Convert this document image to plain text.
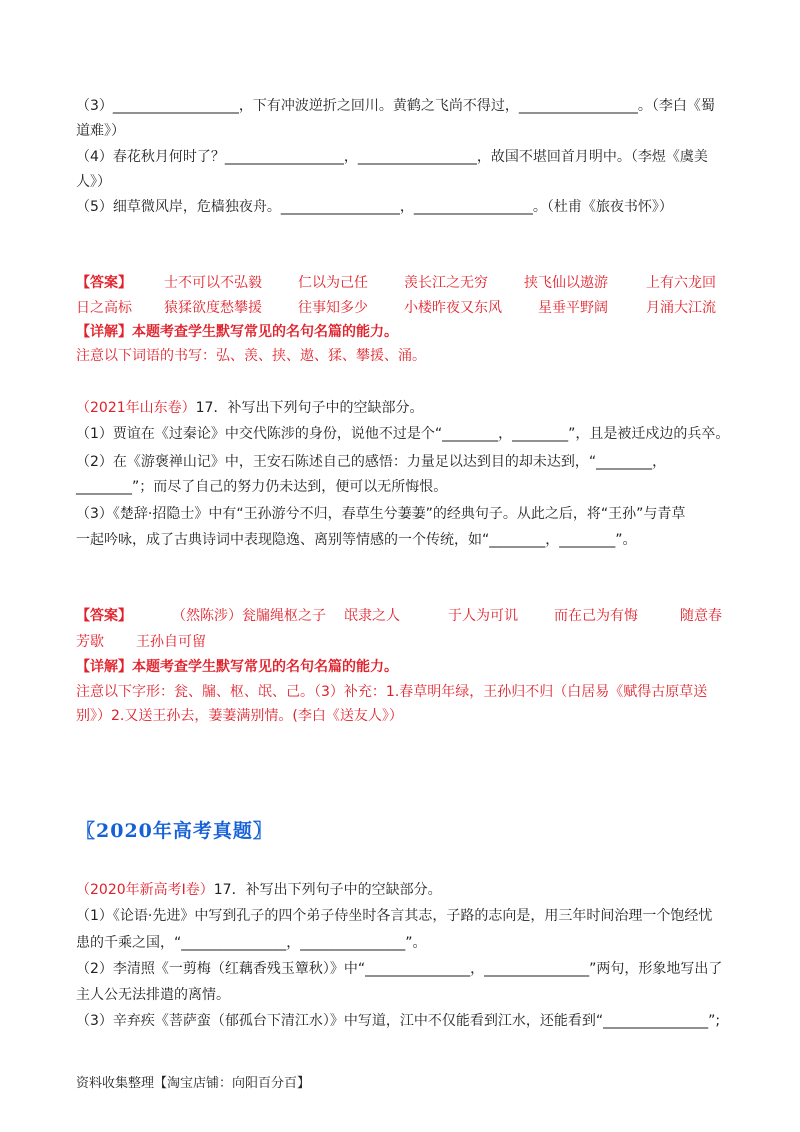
（3）__________________，下有冲波逆折之回川。黄鹤之飞尚不得过，_________________。（李白《蜀
道难》）
（4）春花秋月何时了？_________________，_________________，故国不堪回首月明中。（李煜《虞美
人》）
（5）细草微风岸，危樯独夜舟。_________________，_________________。（杜甫《旅夜书怀》）
【答案】 士不可以不弘毅	仁以为己任	羡长江之无穷	挟飞仙以遨游	上有六龙回
日之高标 猿猱欲度愁攀援	往事知多少	小楼昨夜又东风	星垂平野阔	月涌大江流
【详解】本题考查学生默写常见的名句名篇的能力。
注意以下词语的书写：弘、羡、挟、遨、猱、攀援、涌。
（2021年山东卷）17．补写出下列句子中的空缺部分。
（1）贾谊在《过秦论》中交代陈涉的身份，说他不过是个“________，________”，且是被迁戍边的兵卒。
（2）在《游褒禅山记》中，王安石陈述自己的感悟：力量足以达到目的却未达到，“________，
________”；而尽了自己的努力仍未达到，便可以无所悔恨。
（3）《楚辞·招隐士》中有“王孙游兮不归，春草生兮萋萋”的经典句子。从此之后，将“王孙”与青草
一起吟咏，成了古典诗词中表现隐逸、离别等情感的一个传统，如“________，________”。
【答案】	（然陈涉）瓮牖绳枢之子 氓隶之人	于人为可讥	而在己为有悔	随意春
芳歇 王孙自可留
【详解】本题考查学生默写常见的名句名篇的能力。
注意以下字形：瓮、牖、枢、氓、己。（3）补充：1.春草明年绿，王孙归不归（白居易《赋得古原草送
别》）2.又送王孙去，萋萋满别情。(李白《送友人》）
〖2020年高考真题〗
（2020年新高考Ⅰ卷）17．补写出下列句子中的空缺部分。
（1）《论语·先进》中写到孔子的四个弟子侍坐时各言其志，子路的志向是，用三年时间治理一个饱经忧
患的千乘之国，“_______________，_______________”。
（2）李清照《一剪梅（红藕香残玉簟秋）》中“_______________，_______________”两句，形象地写出了
主人公无法排遣的离情。
（3）辛弃疾《菩萨蛮（郁孤台下清江水）》中写道，江中不仅能看到江水，还能看到“_______________”;
资料收集整理【淘宝店铺：向阳百分百】
